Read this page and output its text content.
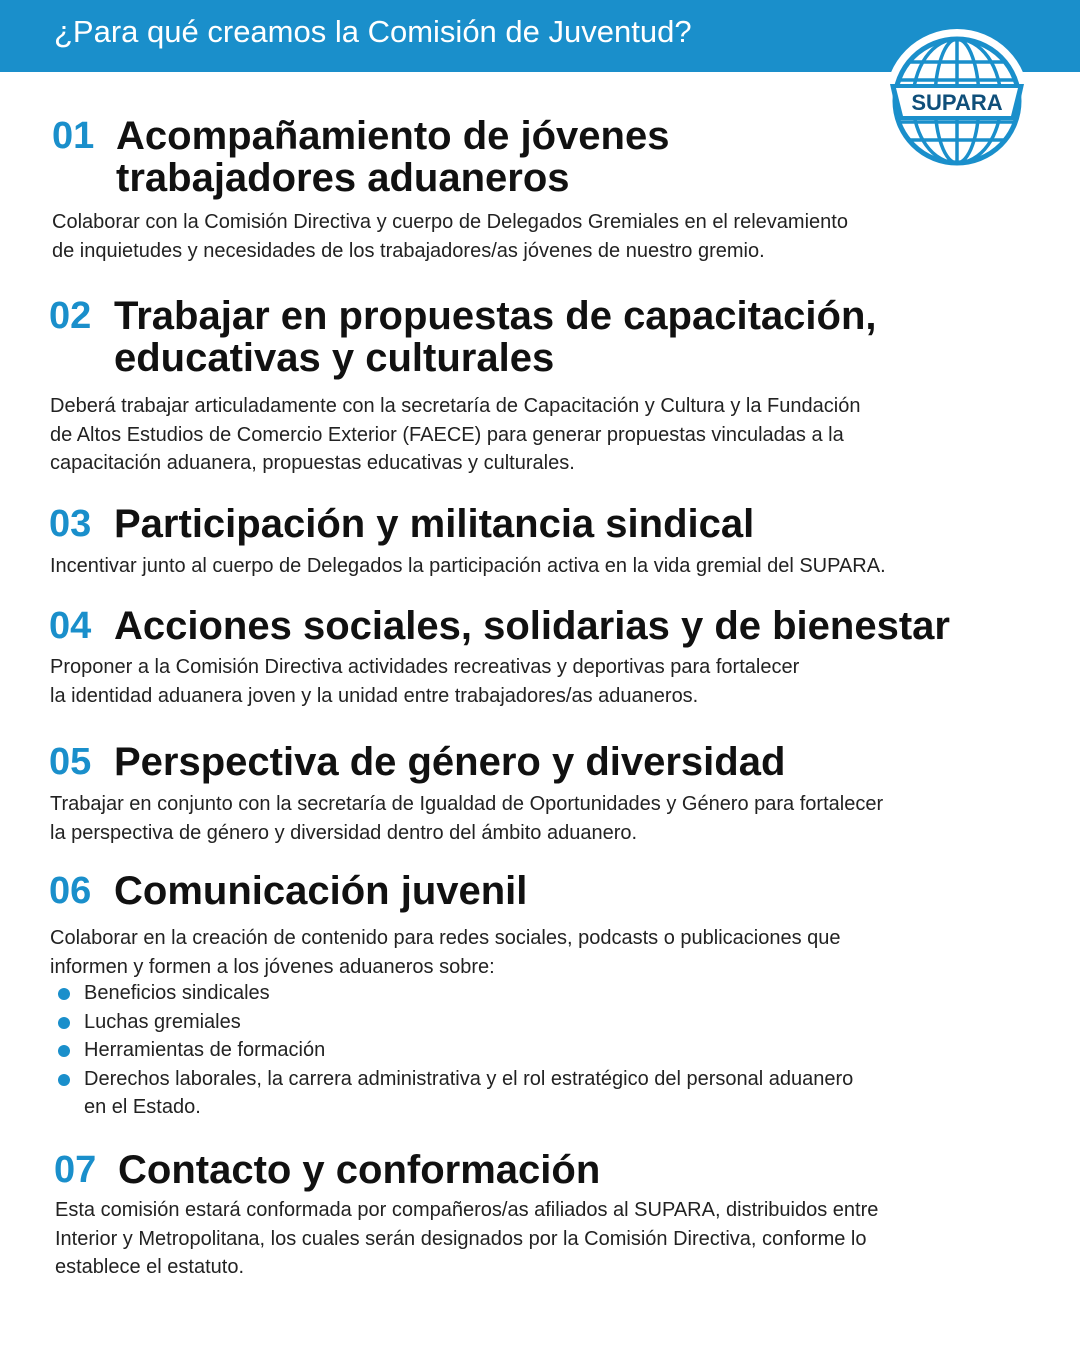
¿Para qué creamos la Comisión de Juventud?
SUPARA
01 Acompañamiento de jóvenes
trabajadores aduaneros
Colaborar con la Comisión Directiva y cuerpo de Delegados Gremiales en el relevamiento
de inquietudes y necesidades de los trabajadores/as jóvenes de nuestro gremio.
02 Trabajar en propuestas de capacitación,
educativas y culturales
Deberá trabajar articuladamente con la secretaría de Capacitación y Cultura y la Fundación
de Altos Estudios de Comercio Exterior (FAECE) para generar propuestas vinculadas a la
capacitación aduanera, propuestas educativas y culturales.
03 Participación y militancia sindical
Incentivar junto al cuerpo de Delegados la participación activa en la vida gremial del SUPARA.
04 Acciones sociales, solidarias y de bienestar
Proponer a la Comisión Directiva actividades recreativas y deportivas para fortalecer
la identidad aduanera joven y la unidad entre trabajadores/as aduaneros.
05 Perspectiva de género y diversidad
Trabajar en conjunto con la secretaría de Igualdad de Oportunidades y Género para fortalecer
la perspectiva de género y diversidad dentro del ámbito aduanero.
06 Comunicación juvenil
Colaborar en la creación de contenido para redes sociales, podcasts o publicaciones que
informen y formen a los jóvenes aduaneros sobre:
Beneficios sindicales
Luchas gremiales
Herramientas de formación
Derechos laborales, la carrera administrativa y el rol estratégico del personal aduanero
en el Estado.
07 Contacto y conformación
Esta comisión estará conformada por compañeros/as afiliados al SUPARA, distribuidos entre
Interior y Metropolitana, los cuales serán designados por la Comisión Directiva, conforme lo
establece el estatuto.
